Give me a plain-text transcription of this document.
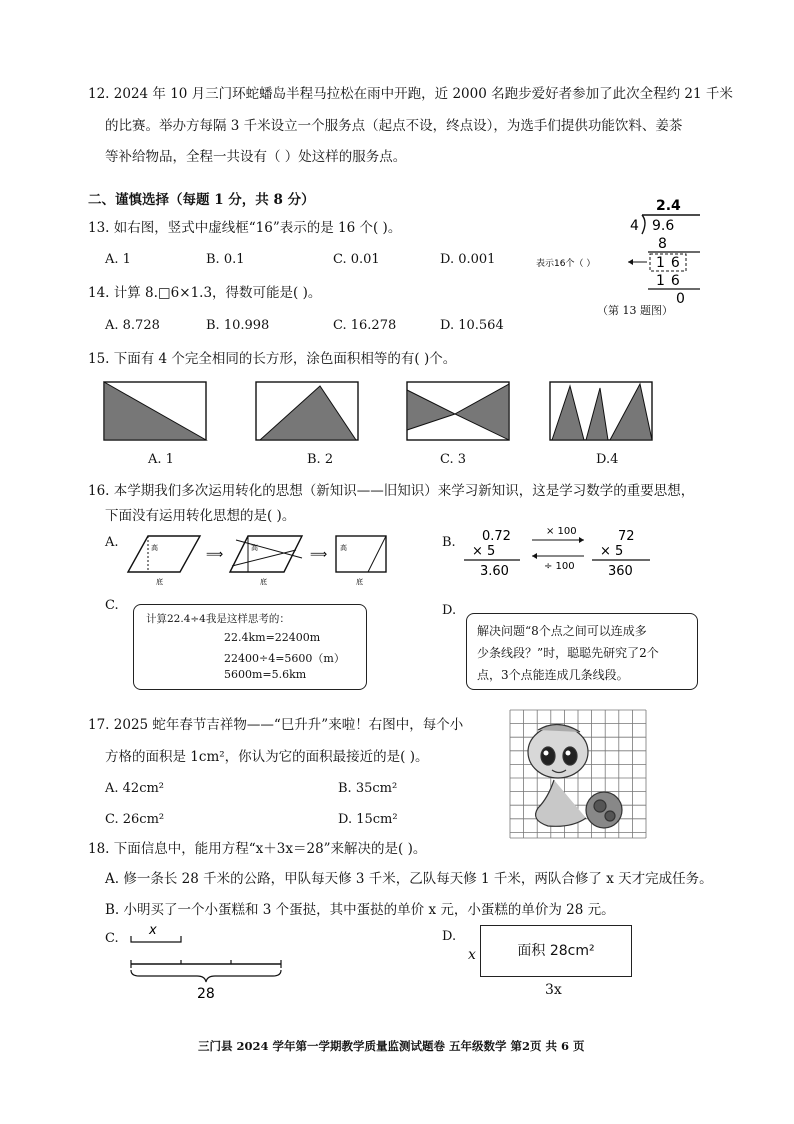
12. 2024 年 10 月三门环蛇蟠岛半程马拉松在雨中开跑，近 2000 名跑步爱好者参加了此次全程约 21 千米
的比赛。举办方每隔 3 千米设立一个服务点（起点不设，终点设），为选手们提供功能饮料、姜茶
等补给物品，全程一共设有（ ）处这样的服务点。
二、谨慎选择（每题 1 分，共 8 分）
13. 如右图，竖式中虚线框“16”表示的是 16 个( )。
A. 1	B. 0.1	C. 0.01	D. 0.001
2.4
4 9.6
8
16
16
0
表示16个（ ）
（第 13 题图）
14. 计算 8.□6×1.3，得数可能是( )。
A. 8.728	B. 10.998	C. 16.278	D. 10.564
15. 下面有 4 个完全相同的长方形，涂色面积相等的有( )个。
A. 1	B. 2	C. 3	D.4
16. 本学期我们多次运用转化的思想（新知识——旧知识）来学习新知识，这是学习数学的重要思想，
下面没有运用转化思想的是( )。
A.	高
底
⟹	高
底
⟹ 高
底
B. 0.72
× 5
3.60
× 100
÷ 100
72
× 5
360
C.
计算22.4÷4我是这样思考的：
22.4km=22400m
22400÷4=5600（m）
5600m=5.6km
D.
解决问题“8个点之间可以连成多
少条线段？”时，聪聪先研究了2个
点，3个点能连成几条线段。
17. 2025 蛇年春节吉祥物——“巳升升”来啦！右图中，每个小
方格的面积是 1cm²，你认为它的面积最接近的是( )。
A. 42cm²	B. 35cm²
C. 26cm²	D. 15cm²
18. 下面信息中，能用方程“x＋3x＝28”来解决的是( )。
A. 修一条长 28 千米的公路，甲队每天修 3 千米，乙队每天修 1 千米，两队合修了 x 天才完成任务。
B. 小明买了一个小蛋糕和 3 个蛋挞，其中蛋挞的单价 x 元，小蛋糕的单价为 28 元。
C.
x
28
D.
面积 28cm²
x
3x
三门县 2024 学年第一学期教学质量监测试题卷 五年级数学 第2页 共 6 页
